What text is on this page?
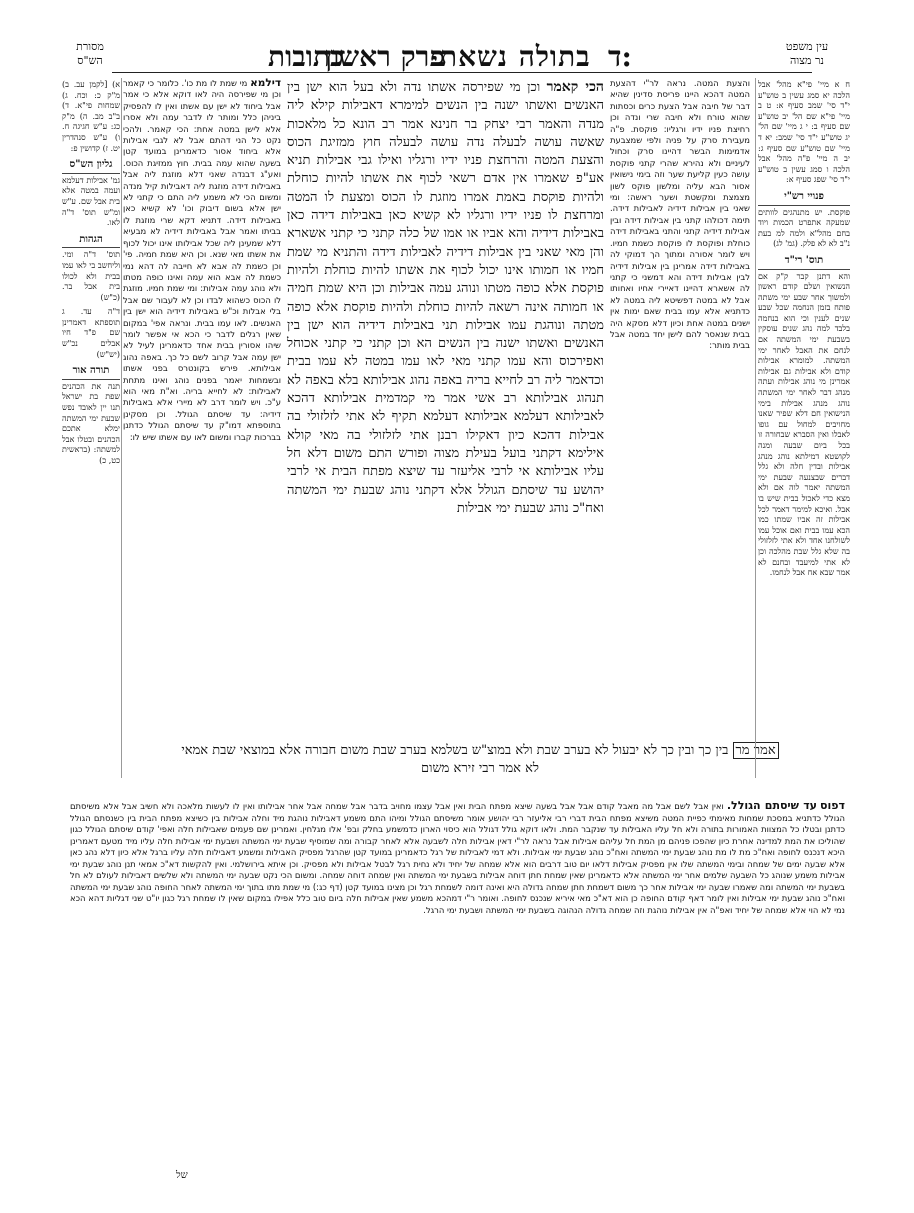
מסורת
הש"ס	כתובות
פרק ראשון
בתולה נשאת ד:	עין משפט
נר מצוה
א) [לקמן עב. ב) מ"ק כ: וכח. ג) שמחות פי"א. ד) ב"ב מב. ה) מ"ק כג: ע"ש חגיגה ח. ו) ע"ש סנהדרין יט. ז) קדושין פ:
גליון הש"ס
גמ' אבילות דעלמא ועמה במטה אלא בית אבל שם. ע"ש ומ"ש תוס' ד"ה לאו.
הגהות
תוס' ד"ה ומי. וליחשב בי לאו עמו בבית ולא לכולו בית אבל בר. (כ"ש)
ד"ה עד. ג תוספתא דאמרינן שם פ"ד חיו אבלים נכ"ש (יש"ש)
תורה אור
תנה את הכהנים שפת בת ישראל תנו יין לאובד נפש שבעת ימי המשתה ימלא אתכם הכהנים ובטלו אבל למשתה: (בראשית כט, כ)
דילמא מי שמת לו מת כו'. כלומר כי קאמר וכן מי שפירסה היה לאו דוקא אלא כי אמר אבל ביחוד לא ישן עם אשתו ואין לו להפסיק ביניהן כלל ומותר לו לדבר עמה ולא אסרו אלא לישן במטה אחת: הכי קאמר. ולהכי נקט כל הני דהתם אבל לא לגבי אבילות אלא ביחוד אסור כדאמרינן במועד קטן בשעה שהוא עמה בבית. חוץ ממזיגת הכוס. ואע"ג דבנדה שאני דלא מוזגת ליה אבל באבילות דידה מוזגת ליה דאבילות קיל מנדה ומשום הכי לא משמע ליה התם כי קתני לא ישן אלא בשום דיבוק וכו' לא קשיא כאן באבילות דידה. דתניא דקא שרי מוזגת לו בביתו ואמר אבל באבילות דידיה לא מבעיא דלא שמעינן ליה שכל אבילותו אינו יכול לכוף את אשתו מאי שנא. וכן היא שמת חמיה. פי' וכן כשמת לה אבא לא חייבה לה דהא נמי כשמת לה אבא הוא עמה ואינו כופה מטתו ולא נוהג עמה אבילות: ומי שמת חמיו. מוזגת לו הכוס כשהוא לבדו וכן לא לעבור שם אבל בלי אבלות וכ"ש באבילות דידיה הוא ישן בין האנשים. לאו עמו בבית. ונראה אפי' במקום שאין רגלים לדבר כי הכא אי אפשר לומר שיהו אסורין בבית אחד כדאמרינן לעיל לא ישן עמה אבל קרוב לשם כל כך. באפה נהוג אבילותא. פירש בקונטרס בפני אשתו ובשמחות יאמר בפנים נוהג ואינו מתחת לאבילות: לא לחייא בריה. וא"ת מאי הוא ע"כ. ויש לומר דרב לא מיירי אלא באבילות דידיה: עד שיסתם הגולל. וכן מסקינן בתוספתא דמו"ק עד שיסתם הגולל כדתנן בברכות קברו ומשום לאו עם אשתו שיש לו:
הכי קאמר וכן מי שפירסה אשתו נדה ולא בעל הוא ישן בין האנשים ואשתו ישנה בין הנשים למימרא דאבילות קילא ליה מנדה והאמר רבי יצחק בר חנינא אמר רב הונא כל מלאכות שאשה עושה לבעלה נדה עושה לבעלה חוץ ממזיגת הכוס והצעת המטה והרחצת פניו ידיו ורגליו ואילו גבי אבילות תניא אע"פ שאמרו אין אדם רשאי לכוף את אשתו להיות כוחלת ולהיות פוקסת באמת אמרו מוזגת לו הכוס ומצעת לו המטה ומרחצת לו פניו ידיו ורגליו לא קשיא כאן באבילות דידה כאן באבילות דידיה והא אביו או אמו של כלה קתני כי קתני אשארא והן מאי שאני בין אבילות דידיה לאבילות דידה והתניא מי שמת חמיו או חמותו אינו יכול לכוף את אשתו להיות כוחלת ולהיות פוקסת אלא כופה מטתו ונוהג עמה אבילות וכן היא שמת חמיה או חמותה אינה רשאה להיות כוחלת ולהיות פוקסת אלא כופה מטתה ונוהגת עמו אבילות תני באבילות דידיה הוא ישן בין האנשים ואשתו ישנה בין הנשים הא וכן קתני כי קתני אכוחל ואפירכוס והא עמו קתני מאי לאו עמו במטה לא עמו בבית וכדאמר ליה רב לחייא בריה באפה נהוג אבילותא בלא באפה לא תנהוג אבילותא רב אשי אמר מי קמדמית אבילותא דהכא לאבילותא דעלמא אבילותא דעלמא תקיף לא אתי לזלזולי בה אבילות דהכא כיון דאקילו רבנן אתי לזלזולי בה מאי קולא אילימא דקתני בועל בעילת מצוה ופורש התם משום דלא חל עליו אבילותא אי לרבי אליעזר עד שיצא מפתח הבית אי לרבי יהושע עד שיסתם הגולל אלא דקתני נוהג שבעת ימי המשתה ואח"כ נוהג שבעת ימי אבילות
אמר מר בין כך ובין כך לא יבעול לא בערב שבת ולא במוצ"ש בשלמא בערב שבת משום חבורה אלא במוצאי שבת אמאי לא אמר רבי זירא משום
והצעת המטה. נראה לר"י דהצעת המטה דהכא היינו פריסת סדינין שהיא דבר של חיבה אבל הצעת כרים וכסתות שהוא טורח ולא חיבה שרי ונדה וכן רחיצת פניו ידיו ורגליו: פוקסת. פ"ה מעבירת סרק על פניה ולפי שמצבעת אדמימות הבשר דהיינו סרק וכחול לעיניים ולא נהירא שהרי קתני פוקסת עושה כעין קליעת שער וזה בימי נישואין אסור הבא עליה ומלשון פוקס לשון מצמצת ומקשטת ושער ראשה: ומי שאני בין אבילות דידיה לאבילות דידה. תימה דכולהו קתני בין אבילות דידה ובין אבילות דידיה קתני והתני באבילות דידה כוחלת ופוקסת לו פוקסת כשמת חמיו. ויש לומר אסורה ומתוך הך דמוקי לה באבילות דידה אמרינן בין אבילות דידיה לבין אבילות דידה והא דמשני כי קתני לה אשארא דהיינו דאיירי אחיו ואחותו אבל לא במטה דפשיטא ליה במטה לא כדתניא אלא עמו בבית שאם ימות אין ישנים במטה אחת וכיון דלא מסקא היה בבית שנאסר להם לישן יחד במטה אבל בבית מותר:
ח א מיי' פי"א מהל' אבל הלכה יא סמג עשין ב טוש"ע י"ד סי' שמב סעיף א: ט ב מיי' פי"א שם הל' יב טוש"ע שם סעיף ב: י ג מיי' שם הל' יג טוש"ע י"ד סי' שמב: יא ד מיי' שם טוש"ע שם סעיף ג: יב ה מיי' פ"ה מהל' אבל הלכה ו סמג עשין ב טוש"ע י"ד סי' שפג סעיף א:
פנויי רש"י
פוקסת. יש מתנהגים לוותים שמעקה אתפרט הכמות ויוד בחם מהל"א ולמה למ בעת נ"ב לא לא פלק. (גמ' לג)
תוס' רי"ד
והא דתנן קבר ק"ק אם הנשואין ושלם קודם ראשון ולמשוך אחר שבע ימי משתה פותח בזמן הנחמה שכל שבע שנים לענין וכי הוא בנחמה בלבד למה נהג שנים עוסקין בשבעת ימי המשתה אם לנחם את האבל לאחר ימי המשתה. למומרא אבילות קודם ולא אבילות גם אבילות אמרינן מי נוהג אבילות ועתה מנהג דבר לאחר ימי המשתה נוהג מנהג אבילות בימי הנישואין חם דלא שפיר שאנו מחויבים למחול עם גופו לאבלו ואין הסברא שבחורה זו בכל ביום שבעה ומנה לקושטא דמילתא נוהג מנהג אבילות ובדין חלה ולא גלל דברים שבצנעה שבעת ימי המשתה יאמר לוה אם ולא מצא כדי לאכול בבית שיש בו אבל. ואיכא למימר דאמר לכל אבילות זה אביו שמתו כמו הכא עמו בבית ואם אוכל עמו לשולחנו אחד ולא אתי לזלזולי בה שלא גלל שבת מהלכה וכן לא אתי למיעבד ובחנם לא אמר שבא אח אבל לנחמו.
דפוס עד שיסתם הגולל. ואין אבל לשם אבל מה מאבל קודם אבל אבל בשעה שיצא מפתח הבית ואין אבל עצמו מחויב בדבר אבל שמחה אבל אחר אבילותו ואין לו לעשות מלאכה ולא חשיב אבל אלא משיסתם הגולל כדתניא במסכת שמחות מאימתי כפיית המטה משיצא מפתח הבית דברי רבי אליעזר רבי יהושע אומר משיסתם הגולל ומיהו התם משמע דאבילות נוהגת מיד וחלה אבילות בין כשיצא מפתח הבית בין כשנסתם הגולל כדתנן ובטלו כל המצוות האמורות בתורה ולא חל עליו האבילות עד שנקבר המת. ולאו דוקא גולל דגולל הוא כיסוי הארון כדמשמע בחלק ובפ' אלו מגלחין. ואמרינן שם פעמים שאבילות חלה ואפי' קודם שיסתם הגולל כגון שהוליכו את המת למדינה אחרת כיון שהפכו פניהם מן המת חל עליהם אבילות אבל נראה לר"י דאין אבילות חלה לשבעה אלא לאחר קבורה ומה שמוסיף שבעת ימי המשתה ושבעת ימי אבילות חלה עליו מיד מטעם דאמרינן היכא דנכנס לחופה ואח"כ מת לו מת נוהג שבעת ימי המשתה ואח"כ נוהג שבעת ימי אבילות. ולא דמי לאבילות של רגל כדאמרינן במועד קטן שהרגל מפסיק האבילות ומשמע דאבילות חלה עליו ברגל אלא כיון דלא נהג כאן אלא שבעה ימים של שמחה ובימי המשתה שלו אין מפסיק אבילות דלאו יום טוב דרבים הוא אלא שמחה של יחיד ולא נחית רגל לבטל אבילות ולא מפסיק. וכן איתא בירושלמי. ואין להקשות דא"כ אמאי תנן נוהג שבעת ימי אבילות משמע שנוהג כל השבעה שלמים אחר ימי המשתה אלא כדאמרינן שאין שמחת חתן דוחה אבילות בשבעת ימי המשתה ואין שמחה דוחה שמחה. ומשום הכי נקט שבעה ימי המשתה ולא שלשים דאבילות לעולם לא חל בשבעת ימי המשתה ומה שאמרו שבעה ימי אבילות אחר כך משום דשמחת חתן שמחה גדולה היא ואינה דומה לשמחת רגל וכן מצינו במועד קטן (דף כג:) מי שמת מתו בתוך ימי המשתה לאחר החופה נוהג שבעת ימי המשתה ואח"כ נוהג שבעת ימי אבילות ואין לומר דאף קודם החופה כן הוא דא"כ מאי איריא שנכנס לחופה. ואומר ר"י דמהכא משמע שאין אבילות חלה ביום טוב כלל אפילו במקום שאין לו שמחת רגל כגון יו"ט שני דגליות דהא הכא נמי לא הוי אלא שמחה של יחיד ואפ"ה אין אבילות נוהגת וזה שמחה גדולה הנהוגה בשבעת ימי המשתה ושבעת ימי הרגל.
של
